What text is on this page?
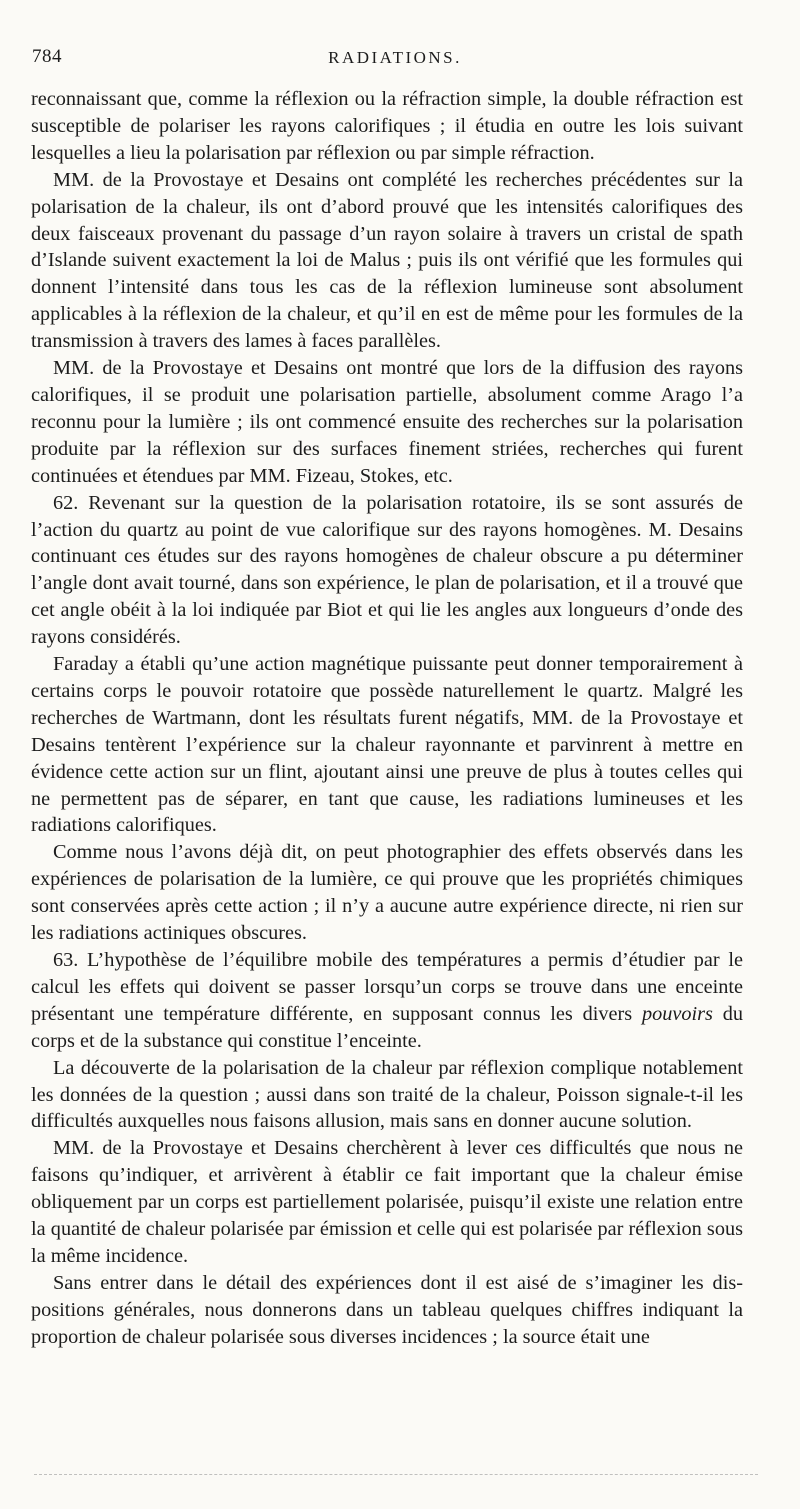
784	RADIATIONS.

reconnaissant que, comme la réflexion ou la réfraction simple, la double réfraction est susceptible de polariser les rayons calorifiques ; il étudia en outre les lois suivant lesquelles a lieu la polarisation par réflexion ou par simple réfraction.

MM. de la Provostaye et Desains ont complété les recherches précédentes sur la polarisation de la chaleur, ils ont d’abord prouvé que les intensités calorifiques des deux faisceaux provenant du passage d’un rayon solaire à travers un cristal de spath d’Islande suivent exactement la loi de Malus ; puis ils ont vérifié que les formules qui donnent l’intensité dans tous les cas de la réflexion lumineuse sont absolument applicables à la réflexion de la chaleur, et qu’il en est de même pour les formules de la transmission à travers des lames à faces parallèles.

MM. de la Provostaye et Desains ont montré que lors de la diffusion des rayons calorifiques, il se produit une polarisation partielle, absolument comme Arago l’a reconnu pour la lumière ; ils ont commencé ensuite des recherches sur la polarisation produite par la réflexion sur des surfaces finement striées, recherches qui furent continuées et étendues par MM. Fizeau, Stokes, etc.

62. Revenant sur la question de la polarisation rotatoire, ils se sont assurés de l’action du quartz au point de vue calorifique sur des rayons homogènes. M. Desains continuant ces études sur des rayons homogènes de chaleur obscure a pu déterminer l’angle dont avait tourné, dans son expérience, le plan de polarisation, et il a trouvé que cet angle obéit à la loi indiquée par Biot et qui lie les angles aux longueurs d’onde des rayons considérés.

Faraday a établi qu’une action magnétique puissante peut donner temporairement à certains corps le pouvoir rotatoire que possède naturellement le quartz. Malgré les recherches de Wartmann, dont les résultats furent négatifs, MM. de la Provostaye et Desains tentèrent l’expérience sur la chaleur rayonnante et parvinrent à mettre en évidence cette action sur un flint, ajoutant ainsi une preuve de plus à toutes celles qui ne permettent pas de séparer, en tant que cause, les radiations lumineuses et les radiations calorifiques.

Comme nous l’avons déjà dit, on peut photographier des effets observés dans les expériences de polarisation de la lumière, ce qui prouve que les propriétés chimiques sont conservées après cette action ; il n’y a aucune autre expérience directe, ni rien sur les radiations actiniques obscures.

63. L’hypothèse de l’équilibre mobile des températures a permis d’étudier par le calcul les effets qui doivent se passer lorsqu’un corps se trouve dans une enceinte présentant une température différente, en supposant connus les divers pouvoirs du corps et de la substance qui constitue l’enceinte.

La découverte de la polarisation de la chaleur par réflexion complique notablement les données de la question ; aussi dans son traité de la chaleur, Poisson signale-t-il les difficultés auxquelles nous faisons allusion, mais sans en donner aucune solution.

MM. de la Provostaye et Desains cherchèrent à lever ces difficultés que nous ne faisons qu’indiquer, et arrivèrent à établir ce fait important que la chaleur émise obliquement par un corps est partiellement polarisée, puisqu’il existe une relation entre la quantité de chaleur polarisée par émission et celle qui est polarisée par réflexion sous la même incidence.

Sans entrer dans le détail des expériences dont il est aisé de s’imaginer les dispositions générales, nous donnerons dans un tableau quelques chiffres indiquant la proportion de chaleur polarisée sous diverses incidences ; la source était une
